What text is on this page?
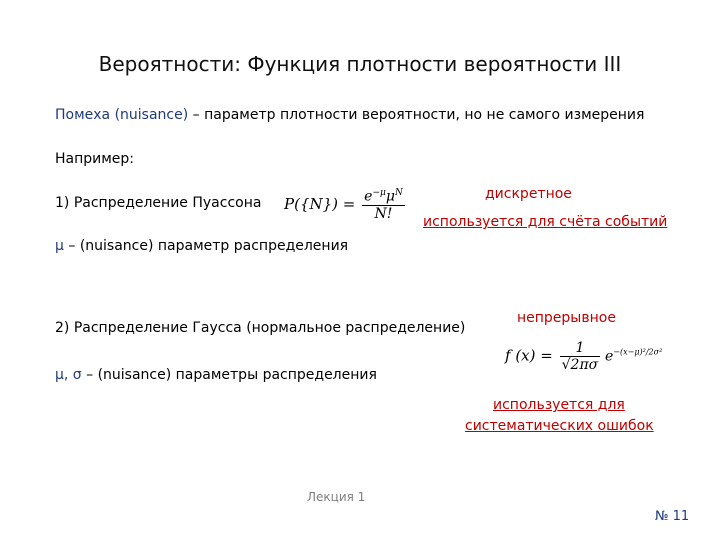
Вероятности: Функция плотности вероятности III
Помеха (nuisance) – параметр плотности вероятности, но не самого измерения
Например:
1) Распределение Пуассона $P(\{N\}) = \frac{e^{-\mu}\mu^N}{N!}$	дискретное
используется для счёта событий
μ – (nuisance) параметр распределения
непрерывное
2) Распределение Гаусса (нормальное распределение)
f $(x) = \frac{1}{√2\pi\sigma} e^{-(x-\mu)^2/2\sigma^2}$
μ, σ – (nuisance) параметры распределения
используется для
систематических ошибок
Лекция 1
№ 11
